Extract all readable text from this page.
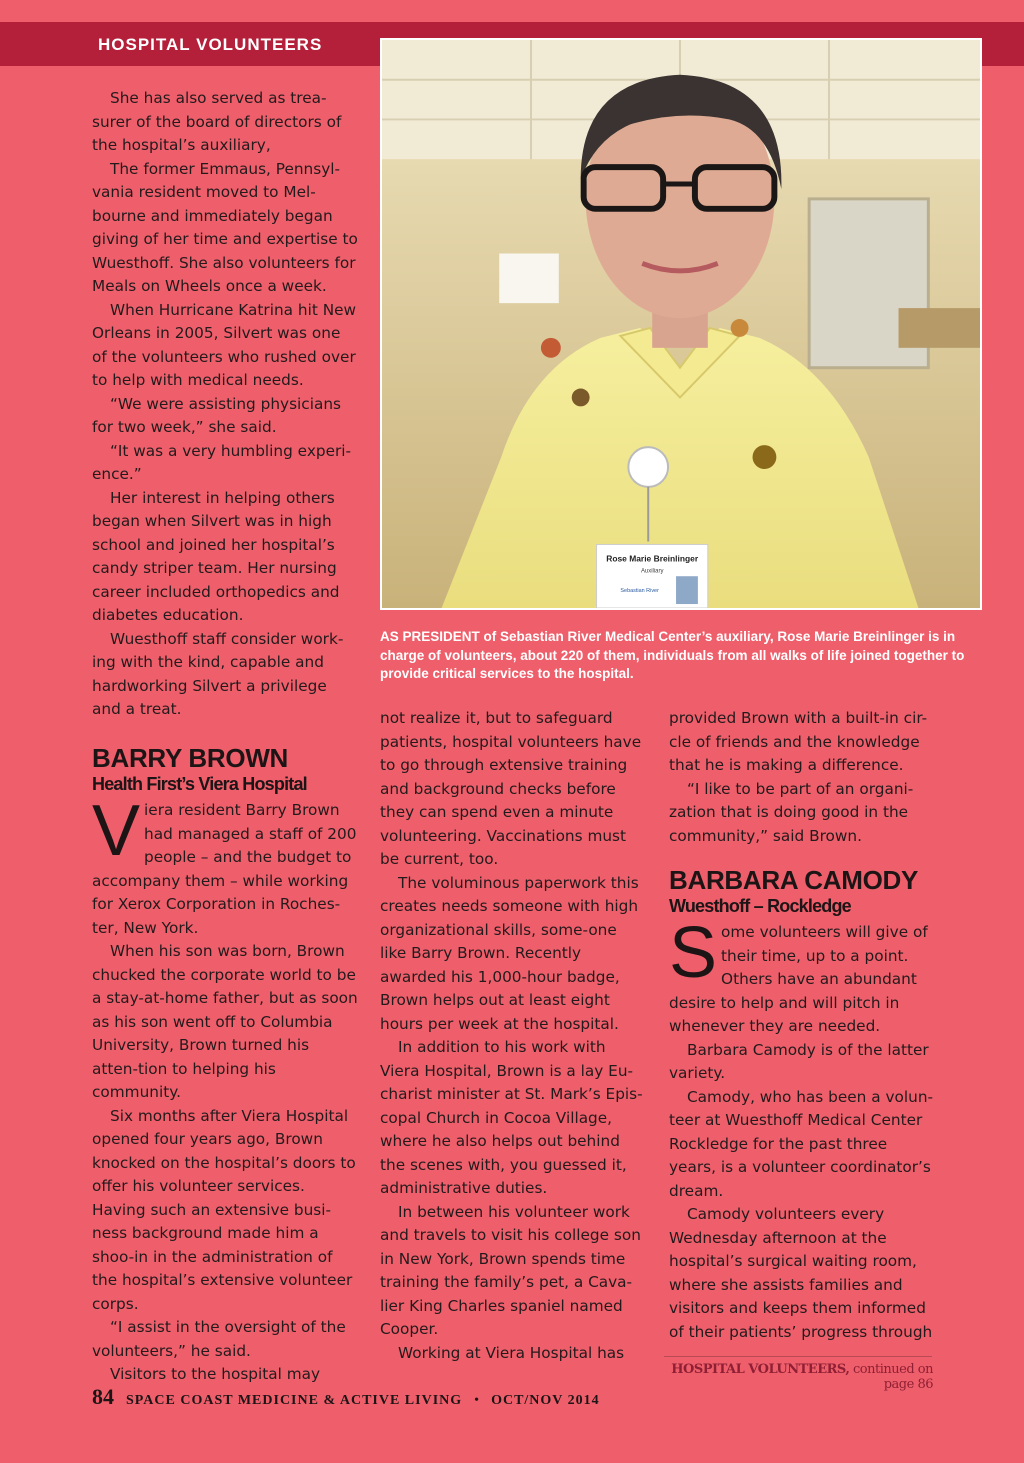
HOSPITAL VOLUNTEERS
Rose Marie Breinlinger
Auxiliary
Sebastian River
AS PRESIDENT of Sebastian River Medical Center’s auxiliary, Rose Marie Breinlinger is in charge of volunteers, about 220 of them, individuals from all walks of life joined together to provide critical services to the hospital.

She has also served as trea-surer of the board of directors of the hospital’s auxiliary,

The former Emmaus, Pennsyl-vania resident moved to Mel-bourne and immediately began giving of her time and expertise to Wuesthoff. She also volunteers for Meals on Wheels once a week.

When Hurricane Katrina hit New Orleans in 2005, Silvert was one of the volunteers who rushed over to help with medical needs.

“We were assisting physicians for two week,” she said.

“It was a very humbling experi-ence.”

Her interest in helping others began when Silvert was in high school and joined her hospital’s candy striper team. Her nursing career included orthopedics and diabetes education.

Wuesthoff staff consider work-ing with the kind, capable and hardworking Silvert a privilege and a treat.

BARRY BROWN
Health First’s Viera Hospital

Viera resident Barry Brown had managed a staff of 200 people – and the budget to accompany them – while working for Xerox Corporation in Roches-ter, New York.

When his son was born, Brown chucked the corporate world to be a stay-at-home father, but as soon as his son went off to Columbia University, Brown turned his atten-tion to helping his community.

Six months after Viera Hospital opened four years ago, Brown knocked on the hospital’s doors to offer his volunteer services. Having such an extensive busi-ness background made him a shoo-in in the administration of the hospital’s extensive volunteer corps.

“I assist in the oversight of the volunteers,” he said.

Visitors to the hospital may

not realize it, but to safeguard patients, hospital volunteers have to go through extensive training and background checks before they can spend even a minute volunteering. Vaccinations must be current, too.

The voluminous paperwork this creates needs someone with high organizational skills, some-one like Barry Brown. Recently awarded his 1,000-hour badge, Brown helps out at least eight hours per week at the hospital.

In addition to his work with Viera Hospital, Brown is a lay Eu-charist minister at St. Mark’s Epis-copal Church in Cocoa Village, where he also helps out behind the scenes with, you guessed it, administrative duties.

In between his volunteer work and travels to visit his college son in New York, Brown spends time training the family’s pet, a Cava-lier King Charles spaniel named Cooper.

Working at Viera Hospital has

provided Brown with a built-in cir-cle of friends and the knowledge that he is making a difference.

“I like to be part of an organi-zation that is doing good in the community,” said Brown.

BARBARA CAMODY
Wuesthoff – Rockledge

Some volunteers will give of their time, up to a point. Others have an abundant desire to help and will pitch in whenever they are needed.

Barbara Camody is of the latter variety.

Camody, who has been a volun-teer at Wuesthoff Medical Center Rockledge for the past three years, is a volunteer coordinator’s dream.

Camody volunteers every Wednesday afternoon at the hospital’s surgical waiting room, where she assists families and visitors and keeps them informed of their patients’ progress through

HOSPITAL VOLUNTEERS, continued on page 86
84 SPACE COAST MEDICINE & ACTIVE LIVING • OCT/NOV 2014
